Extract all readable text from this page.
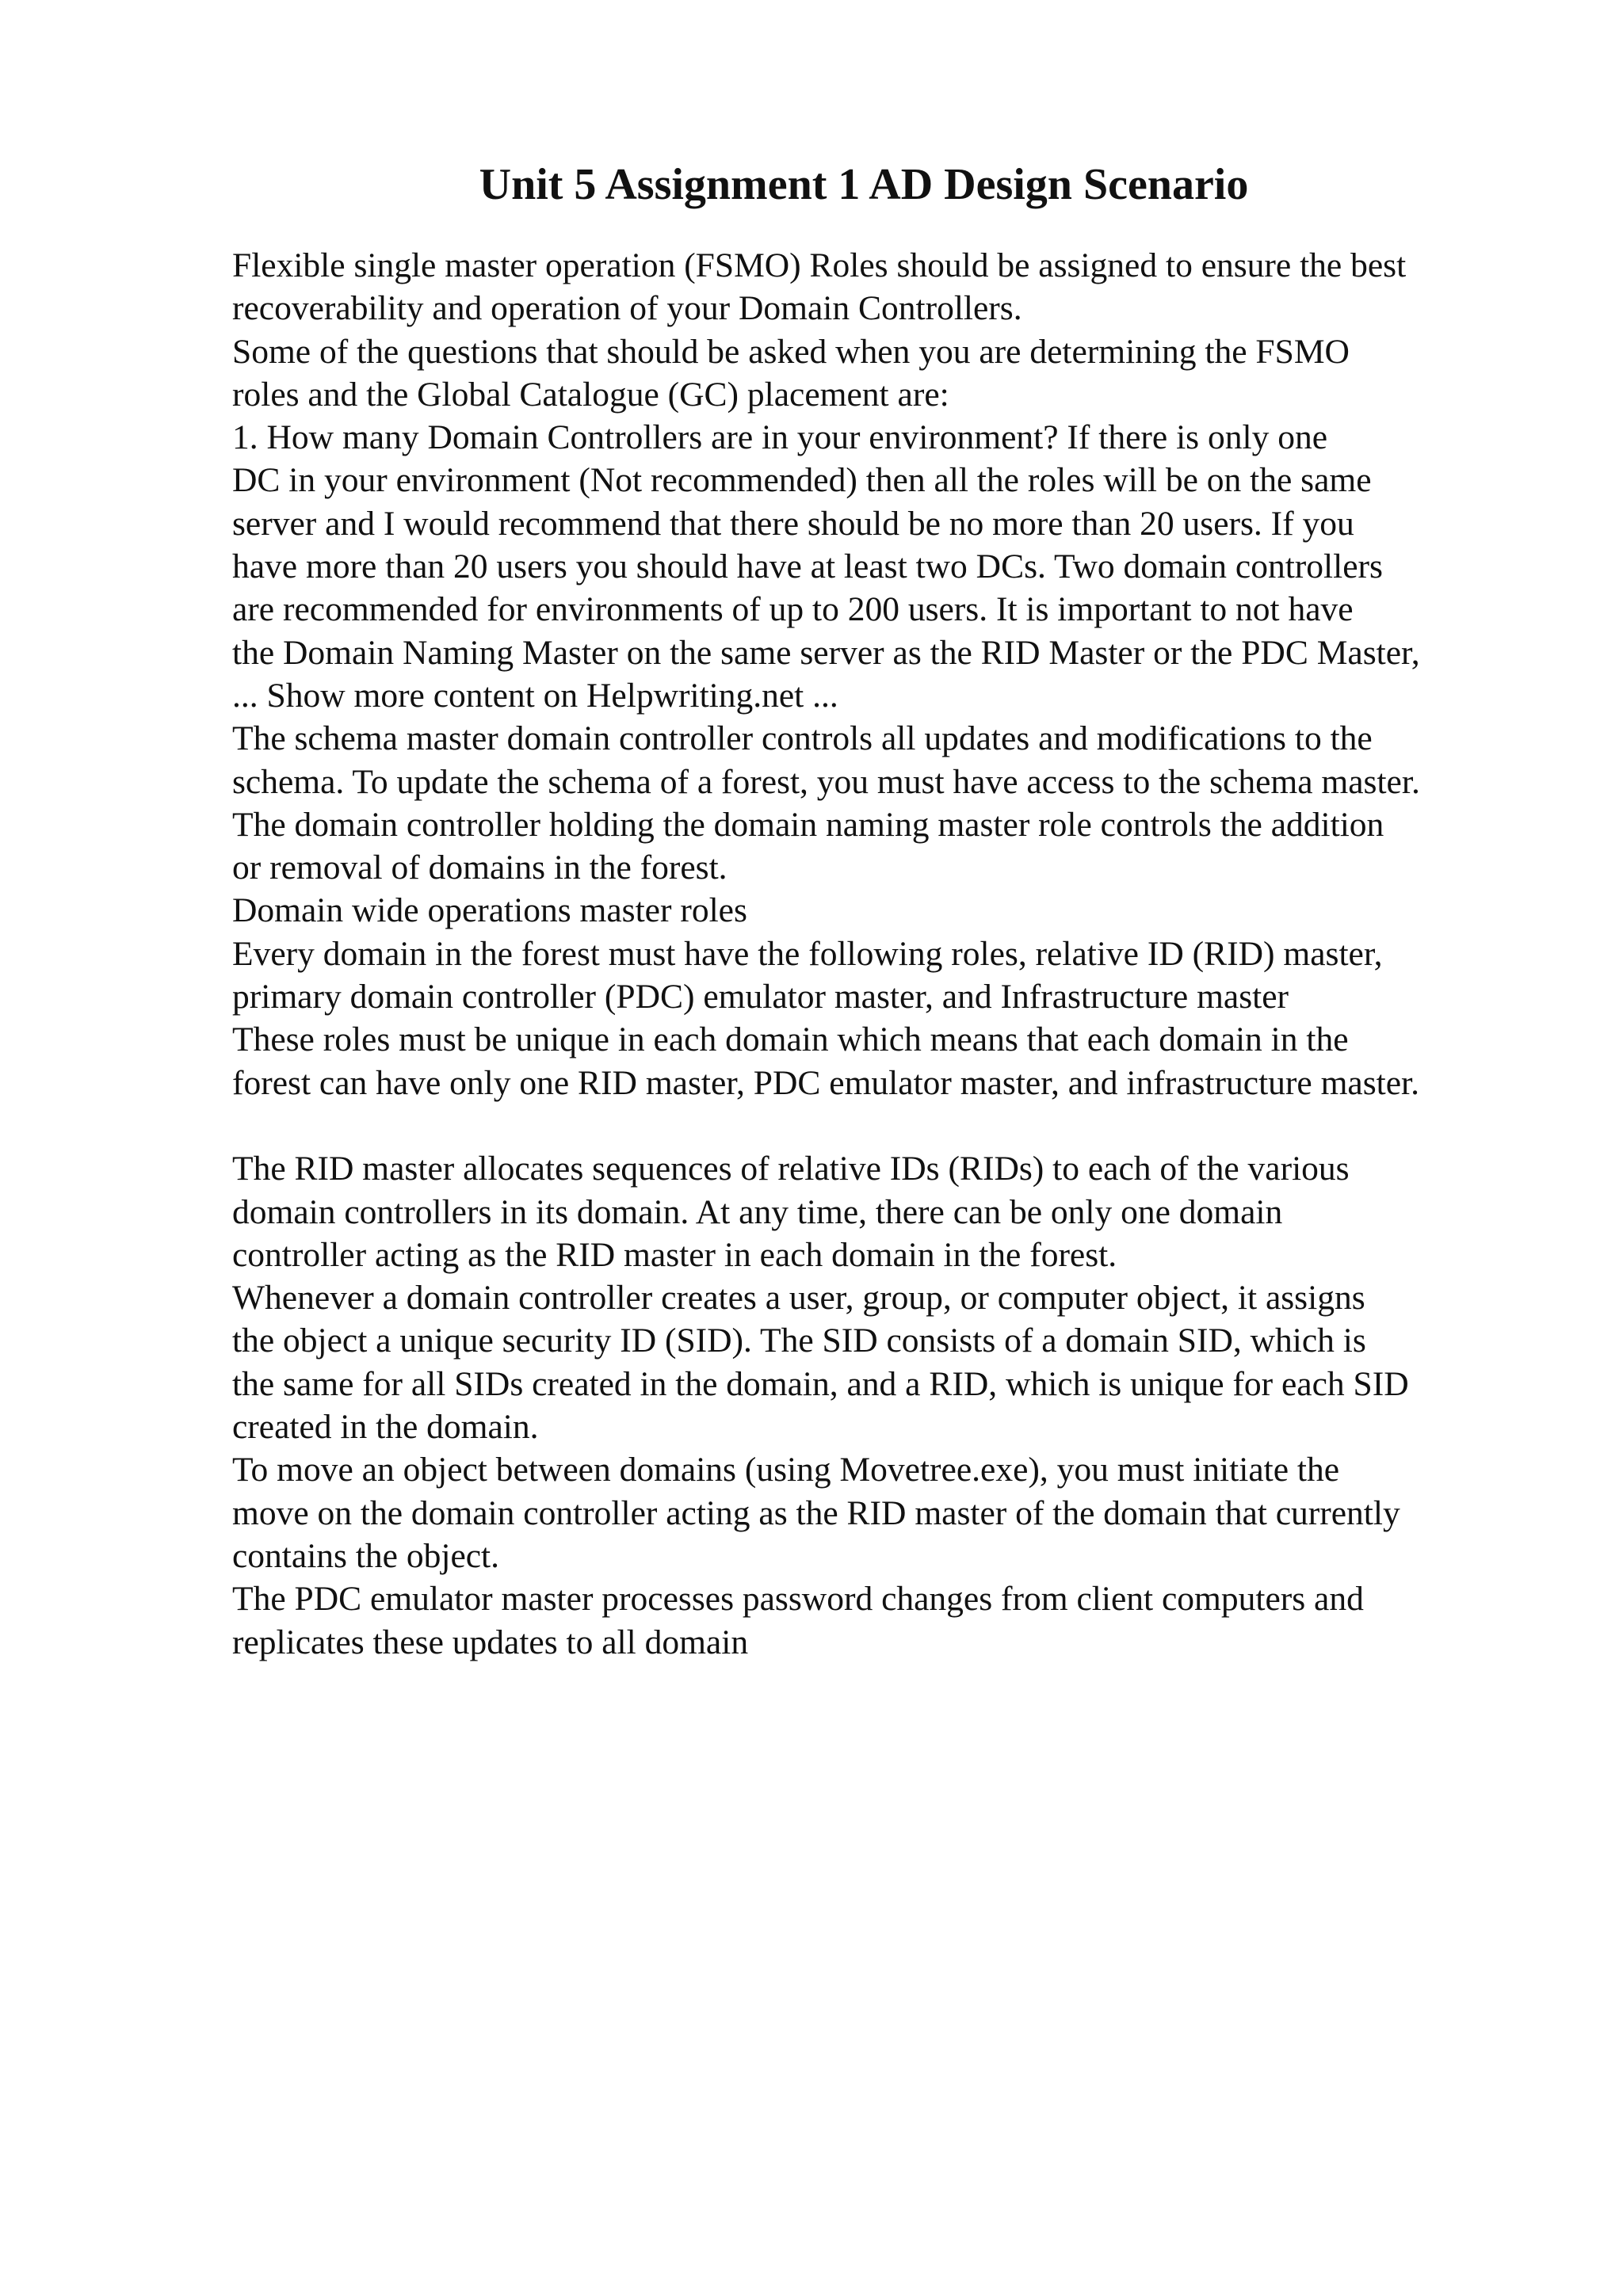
Unit 5 Assignment 1 AD Design Scenario
Flexible single master operation (FSMO) Roles should be assigned to ensure the best
recoverability and operation of your Domain Controllers.
Some of the questions that should be asked when you are determining the FSMO
roles and the Global Catalogue (GC) placement are:
1. How many Domain Controllers are in your environment? If there is only one
DC in your environment (Not recommended) then all the roles will be on the same
server and I would recommend that there should be no more than 20 users. If you
have more than 20 users you should have at least two DCs. Two domain controllers
are recommended for environments of up to 200 users. It is important to not have
the Domain Naming Master on the same server as the RID Master or the PDC Master,
... Show more content on Helpwriting.net ...
The schema master domain controller controls all updates and modifications to the
schema. To update the schema of a forest, you must have access to the schema master.
The domain controller holding the domain naming master role controls the addition
or removal of domains in the forest.
Domain wide operations master roles
Every domain in the forest must have the following roles, relative ID (RID) master,
primary domain controller (PDC) emulator master, and Infrastructure master
These roles must be unique in each domain which means that each domain in the
forest can have only one RID master, PDC emulator master, and infrastructure master.
The RID master allocates sequences of relative IDs (RIDs) to each of the various
domain controllers in its domain. At any time, there can be only one domain
controller acting as the RID master in each domain in the forest.
Whenever a domain controller creates a user, group, or computer object, it assigns
the object a unique security ID (SID). The SID consists of a domain SID, which is
the same for all SIDs created in the domain, and a RID, which is unique for each SID
created in the domain.
To move an object between domains (using Movetree.exe), you must initiate the
move on the domain controller acting as the RID master of the domain that currently
contains the object.
The PDC emulator master processes password changes from client computers and
replicates these updates to all domain
